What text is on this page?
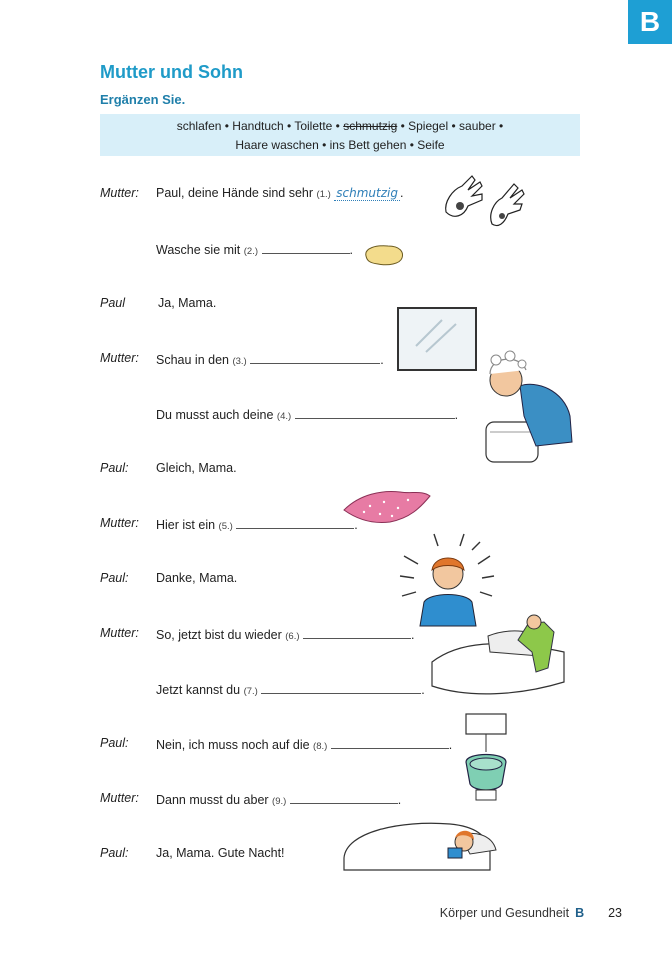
B
Mutter und Sohn
Ergänzen Sie.
schlafen • Handtuch • Toilette • schmutzig • Spiegel • sauber •
Haare waschen • ins Bett gehen • Seife
Mutter: Paul, deine Hände sind sehr (1.) schmutzig .
Wasche sie mit (2.)	.
Paul	Ja, Mama.
Mutter: Schau in den (3.)	.
Du musst auch deine (4.)	.
Paul: Gleich, Mama.
Mutter: Hier ist ein (5.)	.
Paul: Danke, Mama.
Mutter: So, jetzt bist du wieder (6.)	.
Jetzt kannst du (7.)	.
Paul: Nein, ich muss noch auf die (8.)	.
Mutter: Dann musst du aber (9.)	.
Paul: Ja, Mama. Gute Nacht!
Körper und Gesundheit B 23
